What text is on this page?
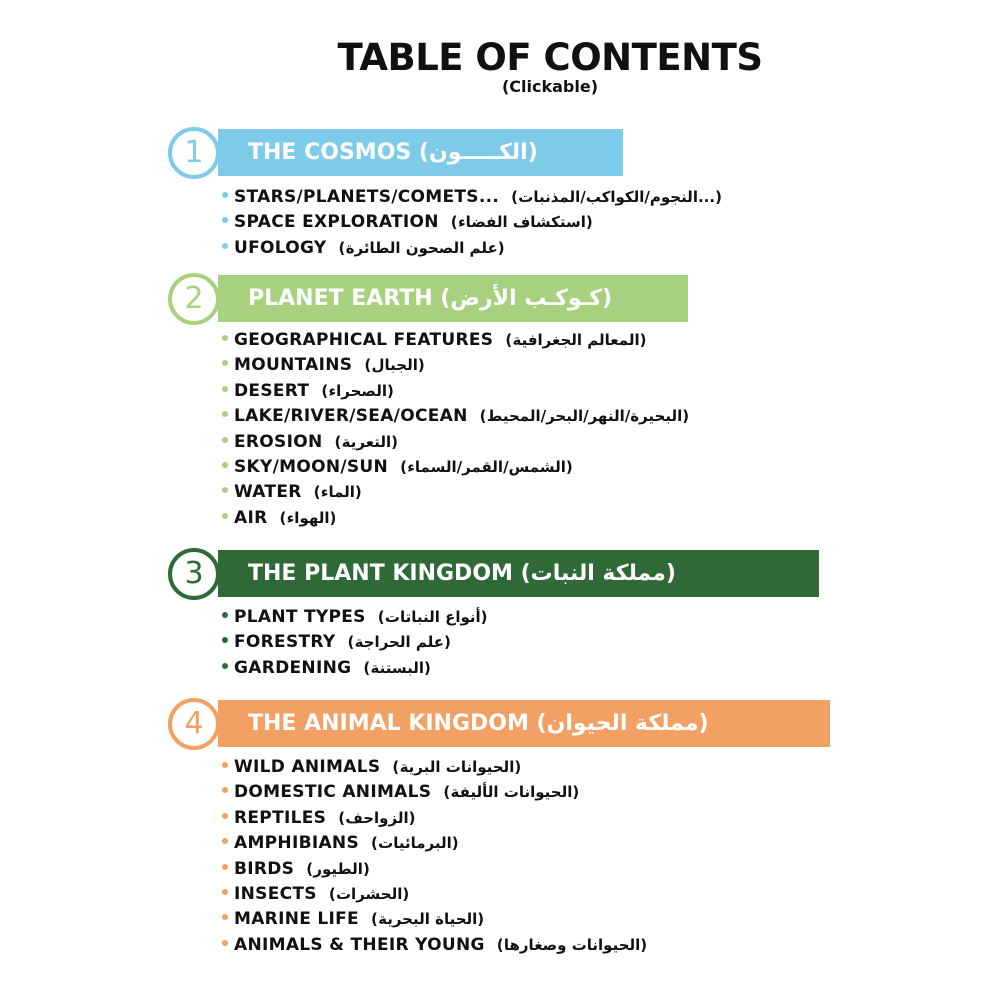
TABLE OF CONTENTS
(Clickable)
1	THE COSMOS (الكـــــون)
STARS/PLANETS/COMETS... (النجوم/الكواكب/المذنبات...)
SPACE EXPLORATION (استكشاف الفضاء)
UFOLOGY (علم الصحون الطائرة)
2	PLANET EARTH (كـوكـب الأرض)
GEOGRAPHICAL FEATURES (المعالم الجغرافية)
MOUNTAINS (الجبال)
DESERT (الصحراء)
LAKE/RIVER/SEA/OCEAN (البحيرة/النهر/البحر/المحيط)
EROSION (التعرية)
SKY/MOON/SUN (الشمس/القمر/السماء)
WATER (الماء)
AIR (الهواء)
3	THE PLANT KINGDOM (مملكة النبات)
PLANT TYPES (أنواع النباتات)
FORESTRY (علم الحراجة)
GARDENING (البستنة)
4	THE ANIMAL KINGDOM (مملكة الحيوان)
WILD ANIMALS (الحيوانات البرية)
DOMESTIC ANIMALS (الحيوانات الأليفة)
REPTILES (الزواحف)
AMPHIBIANS (البرمائيات)
BIRDS (الطيور)
INSECTS (الحشرات)
MARINE LIFE (الحياة البحرية)
ANIMALS & THEIR YOUNG (الحيوانات وصغارها)
